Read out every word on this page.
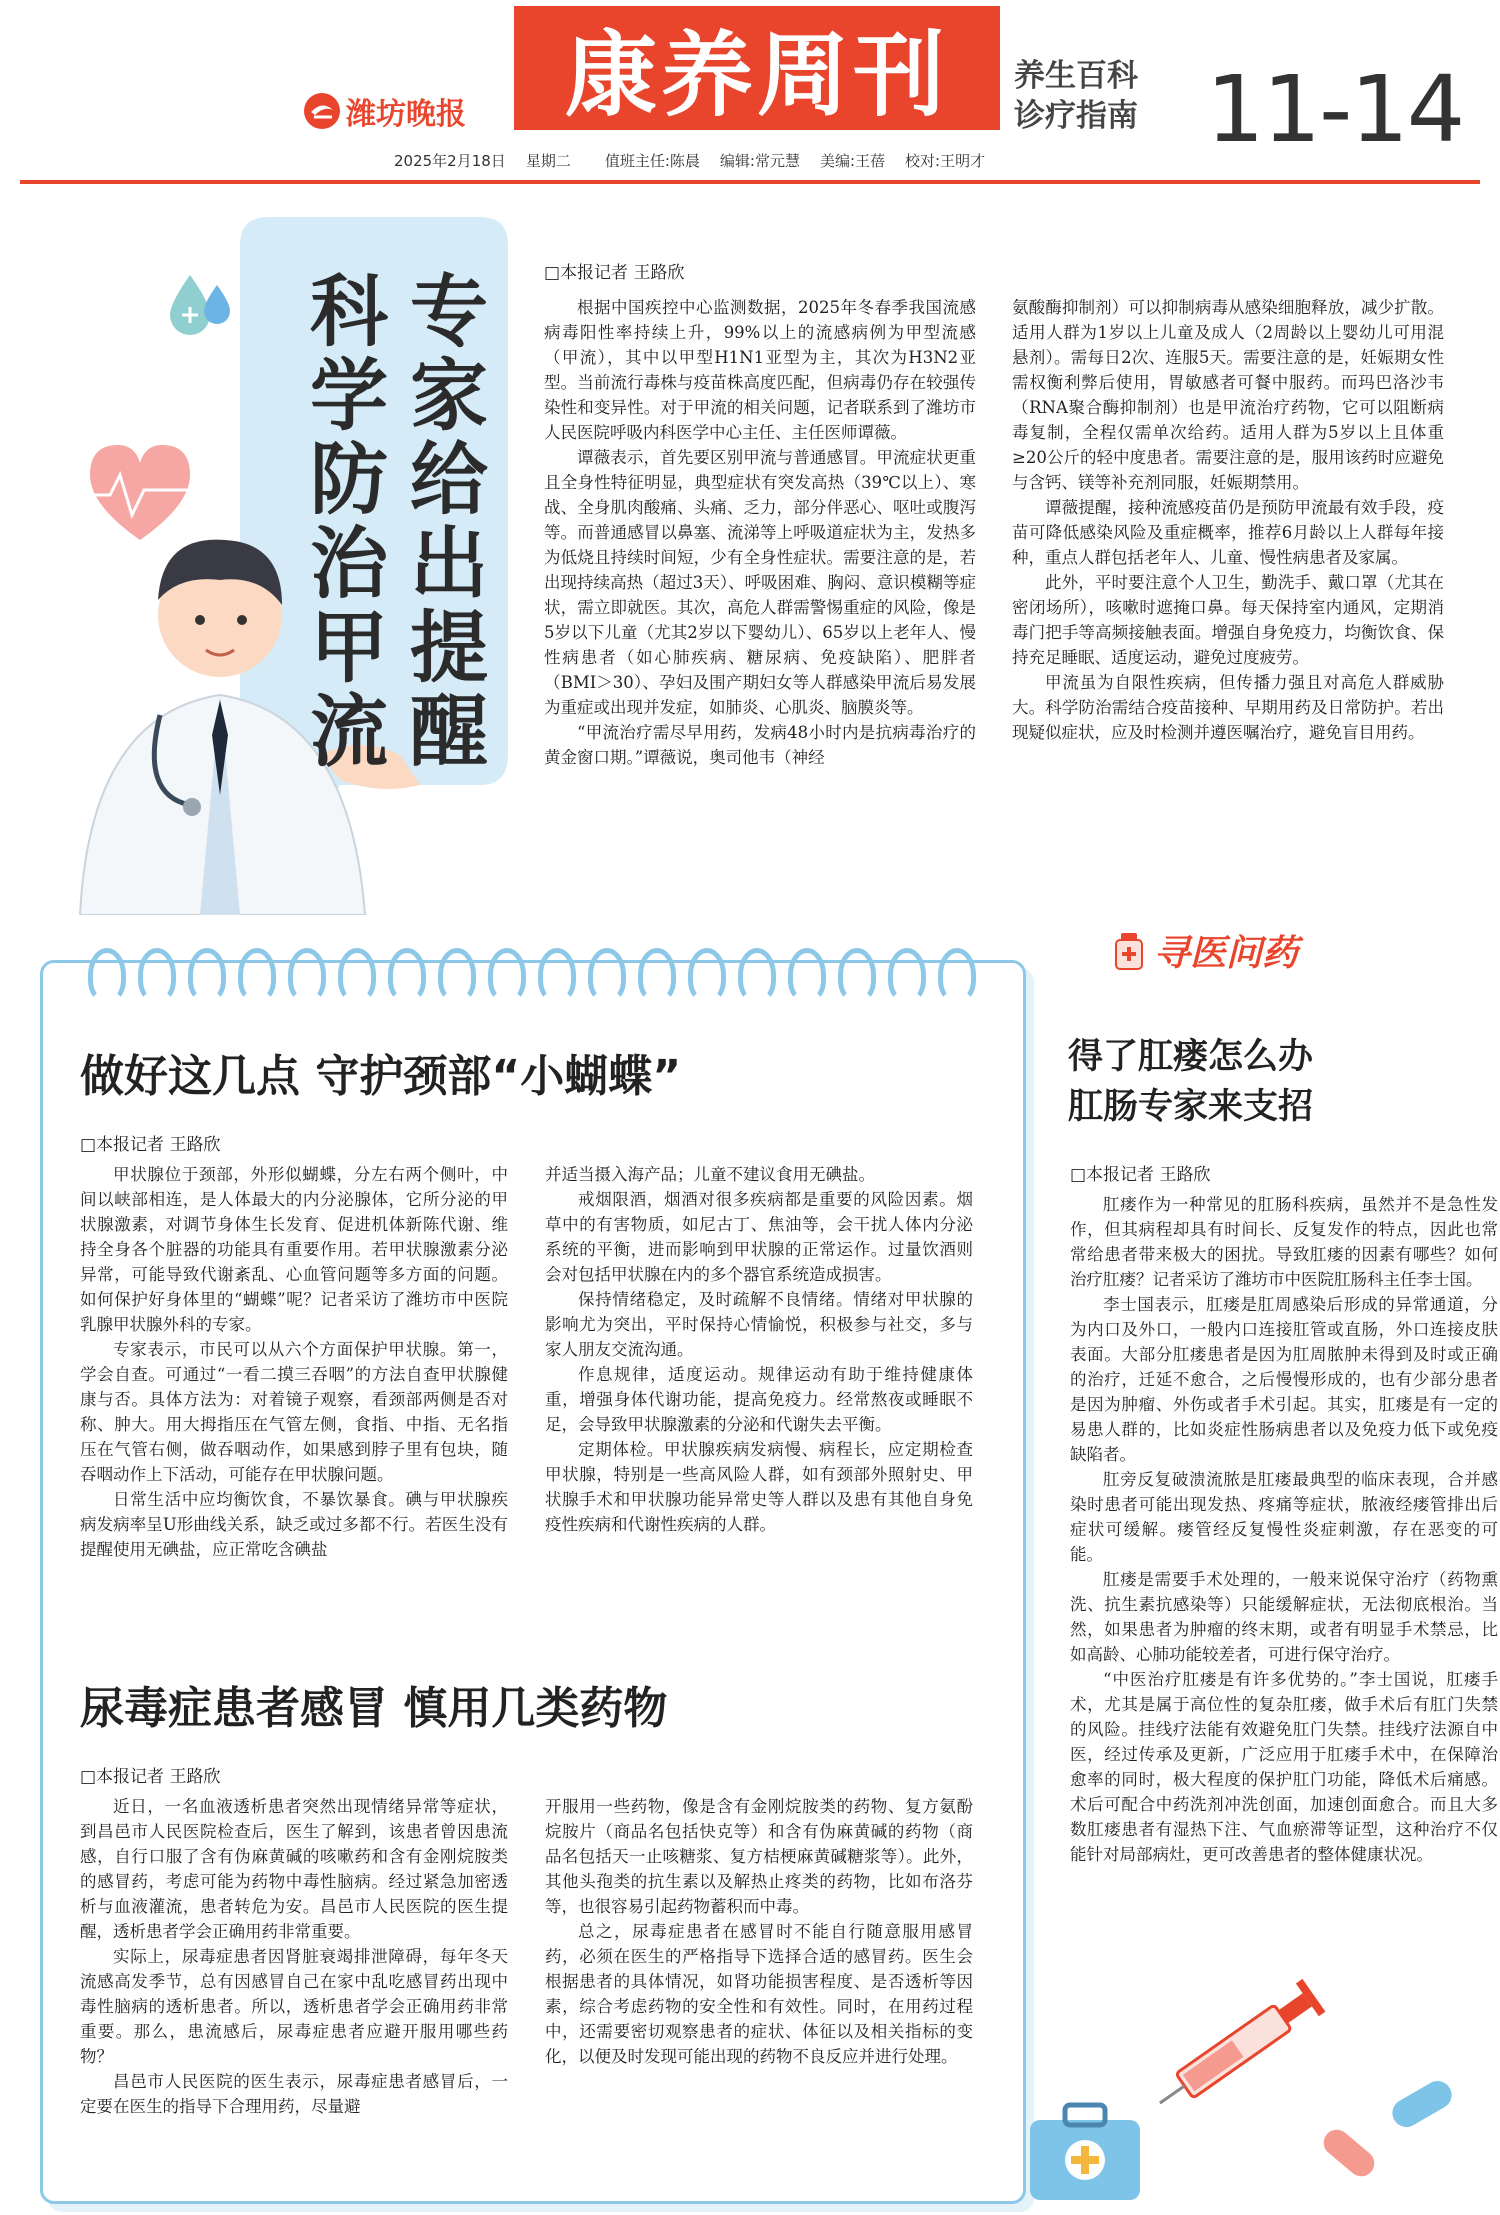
潍坊晚报 康养周刊 养生百科
诊疗指南 11-14
2025年2月18日 星期二 值班主任:陈晨 编辑:常元慧 美编:王蓓 校对:王明才
专家给出提醒
科学防治甲流	□本报记者 王路欣

根据中国疾控中心监测数据，2025年冬春季我国流感病毒阳性率持续上升，99%以上的流感病例为甲型流感（甲流），其中以甲型H1N1亚型为主，其次为H3N2亚型。当前流行毒株与疫苗株高度匹配，但病毒仍存在较强传染性和变异性。对于甲流的相关问题，记者联系到了潍坊市人民医院呼吸内科医学中心主任、主任医师谭薇。

谭薇表示，首先要区别甲流与普通感冒。甲流症状更重且全身性特征明显，典型症状有突发高热（39℃以上）、寒战、全身肌肉酸痛、头痛、乏力，部分伴恶心、呕吐或腹泻等。而普通感冒以鼻塞、流涕等上呼吸道症状为主，发热多为低烧且持续时间短，少有全身性症状。需要注意的是，若出现持续高热（超过3天）、呼吸困难、胸闷、意识模糊等症状，需立即就医。其次，高危人群需警惕重症的风险，像是5岁以下儿童（尤其2岁以下婴幼儿）、65岁以上老年人、慢性病患者（如心肺疾病、糖尿病、免疫缺陷）、肥胖者（BMI＞30）、孕妇及围产期妇女等人群感染甲流后易发展为重症或出现并发症，如肺炎、心肌炎、脑膜炎等。

“甲流治疗需尽早用药，发病48小时内是抗病毒治疗的黄金窗口期。”谭薇说，奥司他韦（神经

氨酸酶抑制剂）可以抑制病毒从感染细胞释放，减少扩散。适用人群为1岁以上儿童及成人（2周龄以上婴幼儿可用混悬剂）。需每日2次、连服5天。需要注意的是，妊娠期女性需权衡利弊后使用，胃敏感者可餐中服药。而玛巴洛沙韦（RNA聚合酶抑制剂）也是甲流治疗药物，它可以阻断病毒复制，全程仅需单次给药。适用人群为5岁以上且体重≥20公斤的轻中度患者。需要注意的是，服用该药时应避免与含钙、镁等补充剂同服，妊娠期禁用。

谭薇提醒，接种流感疫苗仍是预防甲流最有效手段，疫苗可降低感染风险及重症概率，推荐6月龄以上人群每年接种，重点人群包括老年人、儿童、慢性病患者及家属。

此外，平时要注意个人卫生，勤洗手、戴口罩（尤其在密闭场所），咳嗽时遮掩口鼻。每天保持室内通风，定期消毒门把手等高频接触表面。增强自身免疫力，均衡饮食、保持充足睡眠、适度运动，避免过度疲劳。

甲流虽为自限性疾病，但传播力强且对高危人群威胁大。科学防治需结合疫苗接种、早期用药及日常防护。若出现疑似症状，应及时检测并遵医嘱治疗，避免盲目用药。

做好这几点 守护颈部“小蝴蝶”
□本报记者 王路欣

甲状腺位于颈部，外形似蝴蝶，分左右两个侧叶，中间以峡部相连，是人体最大的内分泌腺体，它所分泌的甲状腺激素，对调节身体生长发育、促进机体新陈代谢、维持全身各个脏器的功能具有重要作用。若甲状腺激素分泌异常，可能导致代谢紊乱、心血管问题等多方面的问题。如何保护好身体里的“蝴蝶”呢？记者采访了潍坊市中医院乳腺甲状腺外科的专家。

专家表示，市民可以从六个方面保护甲状腺。第一，学会自查。可通过“一看二摸三吞咽”的方法自查甲状腺健康与否。具体方法为：对着镜子观察，看颈部两侧是否对称、肿大。用大拇指压在气管左侧，食指、中指、无名指压在气管右侧，做吞咽动作，如果感到脖子里有包块，随吞咽动作上下活动，可能存在甲状腺问题。

日常生活中应均衡饮食，不暴饮暴食。碘与甲状腺疾病发病率呈U形曲线关系，缺乏或过多都不行。若医生没有提醒使用无碘盐，应正常吃含碘盐

并适当摄入海产品；儿童不建议食用无碘盐。

戒烟限酒，烟酒对很多疾病都是重要的风险因素。烟草中的有害物质，如尼古丁、焦油等，会干扰人体内分泌系统的平衡，进而影响到甲状腺的正常运作。过量饮酒则会对包括甲状腺在内的多个器官系统造成损害。

保持情绪稳定，及时疏解不良情绪。情绪对甲状腺的影响尤为突出，平时保持心情愉悦，积极参与社交，多与家人朋友交流沟通。

作息规律，适度运动。规律运动有助于维持健康体重，增强身体代谢功能，提高免疫力。经常熬夜或睡眠不足，会导致甲状腺激素的分泌和代谢失去平衡。

定期体检。甲状腺疾病发病慢、病程长，应定期检查甲状腺，特别是一些高风险人群，如有颈部外照射史、甲状腺手术和甲状腺功能异常史等人群以及患有其他自身免疫性疾病和代谢性疾病的人群。

尿毒症患者感冒 慎用几类药物
□本报记者 王路欣

近日，一名血液透析患者突然出现情绪异常等症状，到昌邑市人民医院检查后，医生了解到，该患者曾因患流感，自行口服了含有伪麻黄碱的咳嗽药和含有金刚烷胺类的感冒药，考虑可能为药物中毒性脑病。经过紧急加密透析与血液灌流，患者转危为安。昌邑市人民医院的医生提醒，透析患者学会正确用药非常重要。

实际上，尿毒症患者因肾脏衰竭排泄障碍，每年冬天流感高发季节，总有因感冒自己在家中乱吃感冒药出现中毒性脑病的透析患者。所以，透析患者学会正确用药非常重要。那么，患流感后，尿毒症患者应避开服用哪些药物？

昌邑市人民医院的医生表示，尿毒症患者感冒后，一定要在医生的指导下合理用药，尽量避

开服用一些药物，像是含有金刚烷胺类的药物、复方氨酚烷胺片（商品名包括快克等）和含有伪麻黄碱的药物（商品名包括天一止咳糖浆、复方桔梗麻黄碱糖浆等）。此外，其他头孢类的抗生素以及解热止疼类的药物，比如布洛芬等，也很容易引起药物蓄积而中毒。

总之，尿毒症患者在感冒时不能自行随意服用感冒药，必须在医生的严格指导下选择合适的感冒药。医生会根据患者的具体情况，如肾功能损害程度、是否透析等因素，综合考虑药物的安全性和有效性。同时，在用药过程中，还需要密切观察患者的症状、体征以及相关指标的变化，以便及时发现可能出现的药物不良反应并进行处理。

寻医问药
得了肛瘘怎么办
肛肠专家来支招
□本报记者 王路欣

肛瘘作为一种常见的肛肠科疾病，虽然并不是急性发作，但其病程却具有时间长、反复发作的特点，因此也常常给患者带来极大的困扰。导致肛瘘的因素有哪些？如何治疗肛瘘？记者采访了潍坊市中医院肛肠科主任李士国。

李士国表示，肛瘘是肛周感染后形成的异常通道，分为内口及外口，一般内口连接肛管或直肠，外口连接皮肤表面。大部分肛瘘患者是因为肛周脓肿未得到及时或正确的治疗，迁延不愈合，之后慢慢形成的，也有少部分患者是因为肿瘤、外伤或者手术引起。其实，肛瘘是有一定的易患人群的，比如炎症性肠病患者以及免疫力低下或免疫缺陷者。

肛旁反复破溃流脓是肛瘘最典型的临床表现，合并感染时患者可能出现发热、疼痛等症状，脓液经瘘管排出后症状可缓解。瘘管经反复慢性炎症刺激，存在恶变的可能。

肛瘘是需要手术处理的，一般来说保守治疗（药物熏洗、抗生素抗感染等）只能缓解症状，无法彻底根治。当然，如果患者为肿瘤的终末期，或者有明显手术禁忌，比如高龄、心肺功能较差者，可进行保守治疗。

“中医治疗肛瘘是有许多优势的。”李士国说，肛瘘手术，尤其是属于高位性的复杂肛瘘，做手术后有肛门失禁的风险。挂线疗法能有效避免肛门失禁。挂线疗法源自中医，经过传承及更新，广泛应用于肛瘘手术中，在保障治愈率的同时，极大程度的保护肛门功能，降低术后痛感。术后可配合中药洗剂冲洗创面，加速创面愈合。而且大多数肛瘘患者有湿热下注、气血瘀滞等证型，这种治疗不仅能针对局部病灶，更可改善患者的整体健康状况。
